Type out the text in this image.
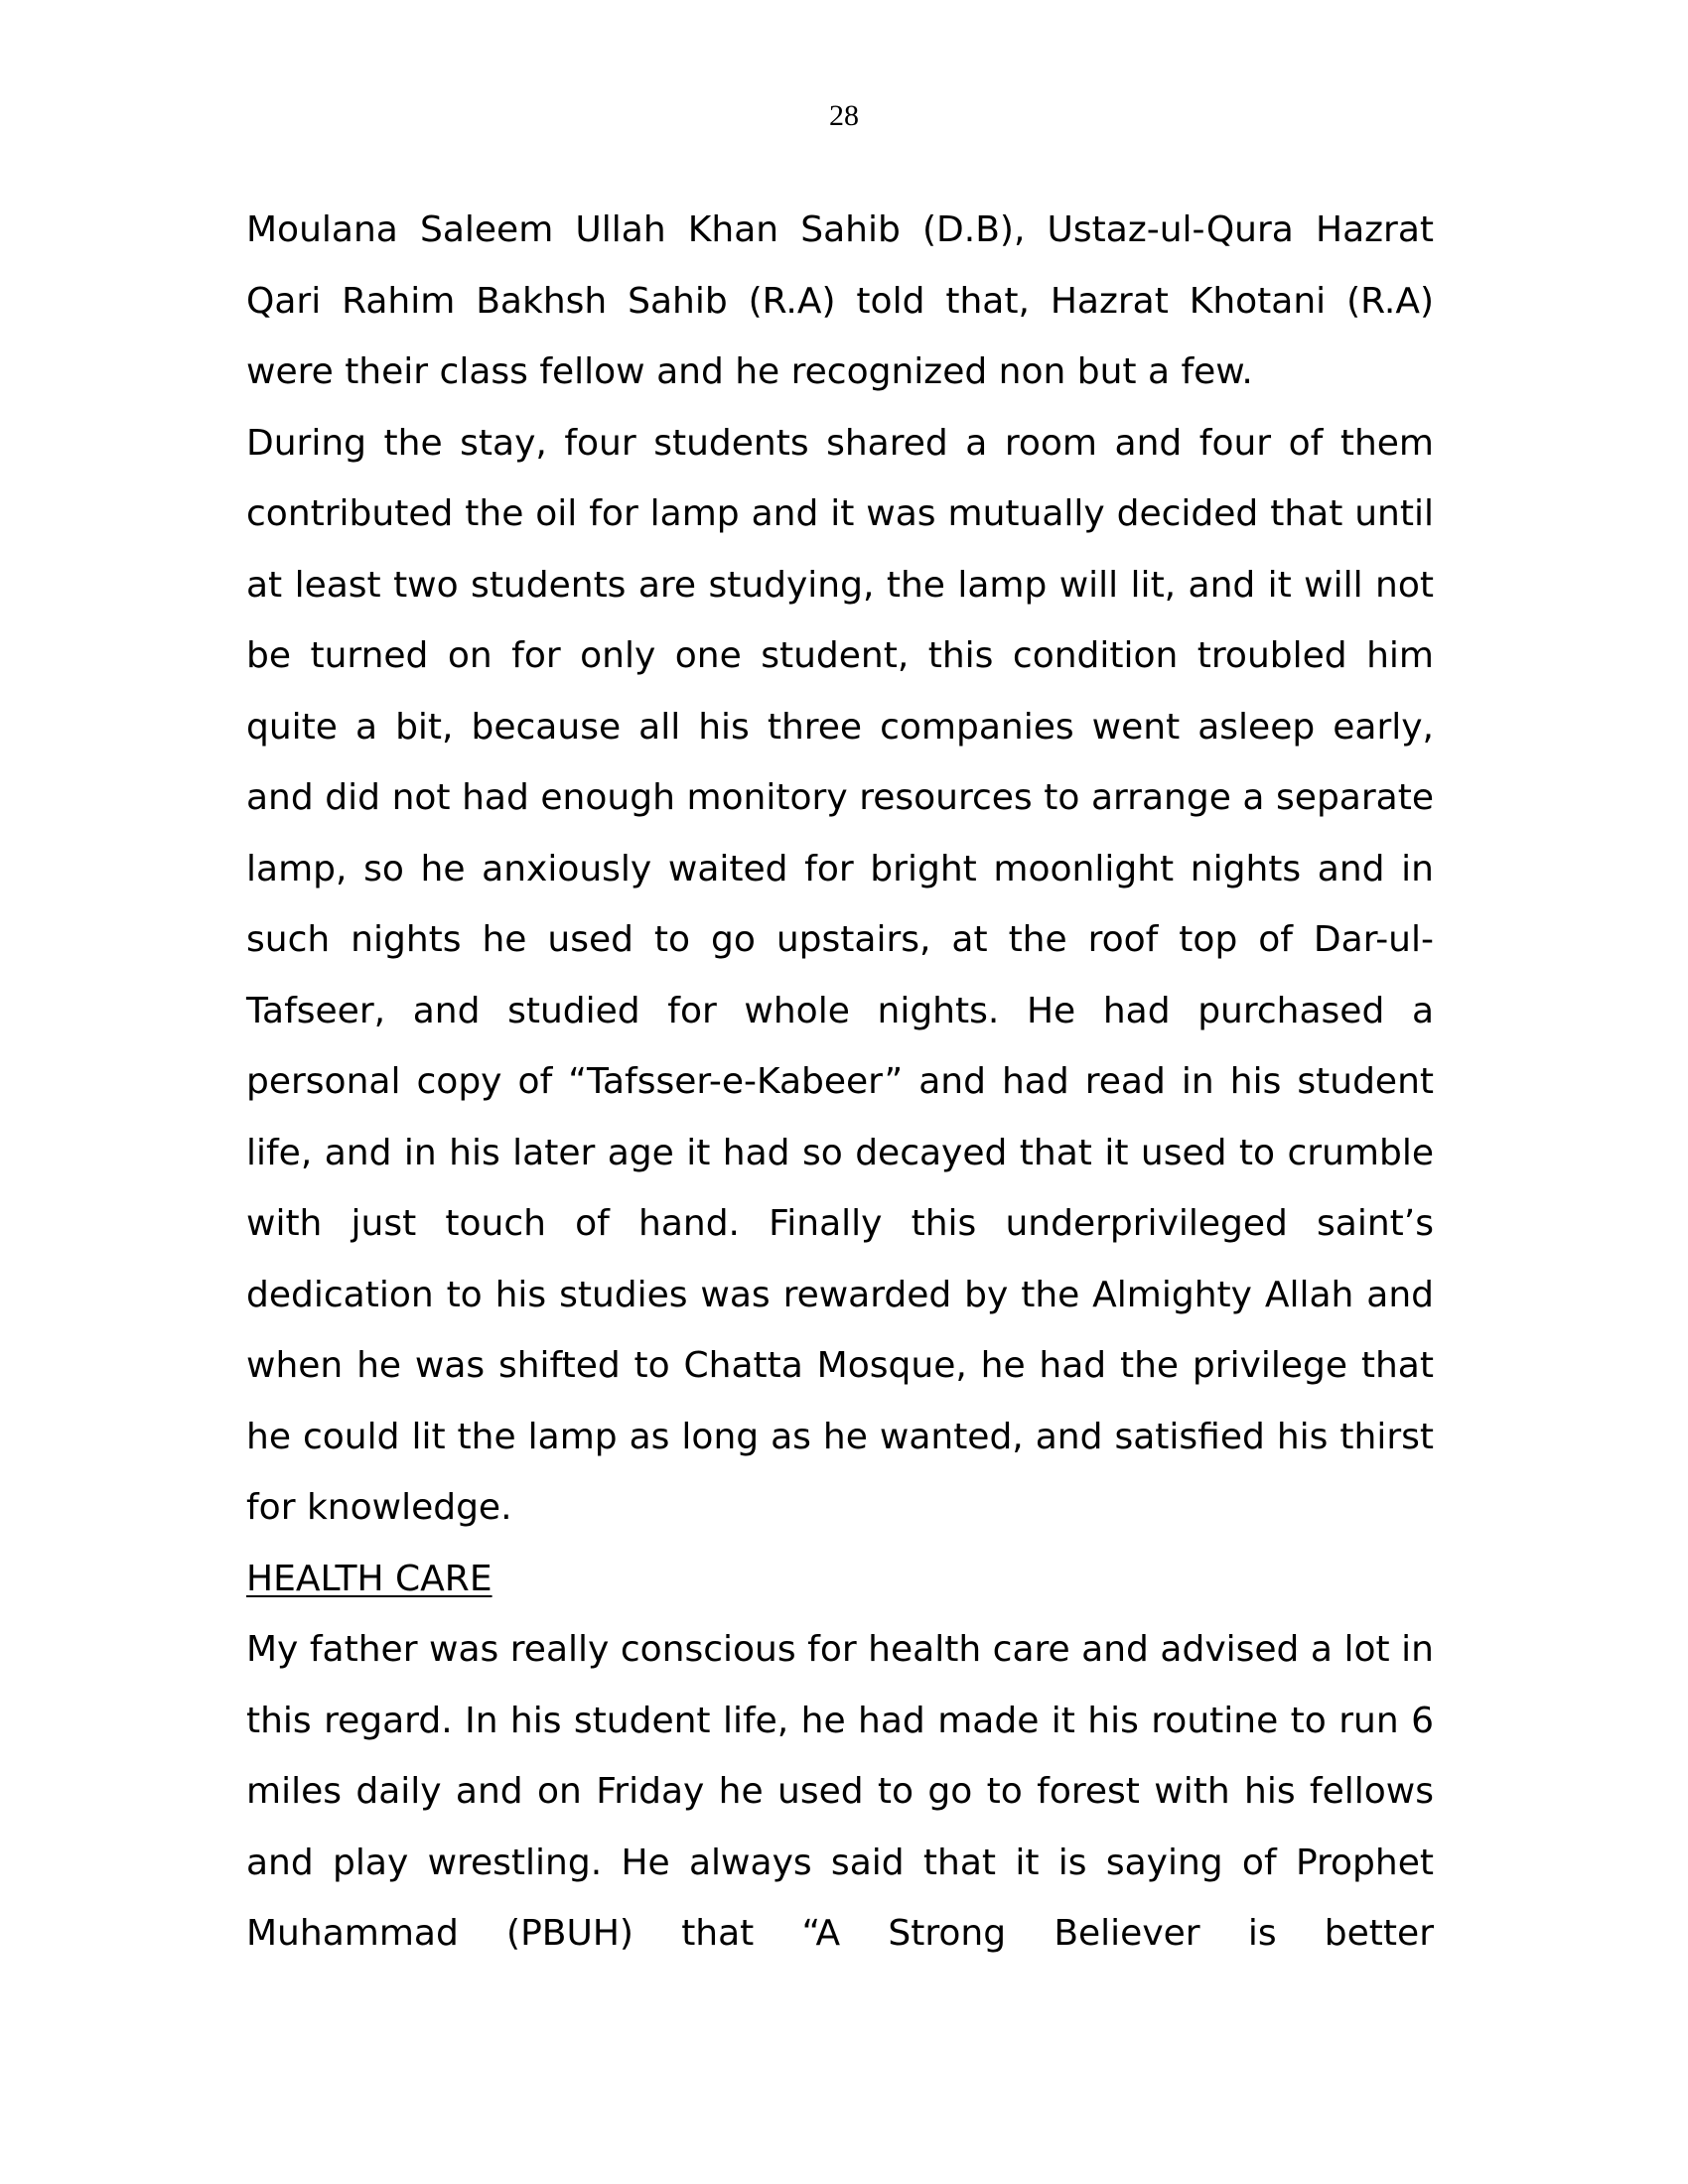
28

Moulana Saleem Ullah Khan Sahib (D.B), Ustaz-ul-Qura Hazrat Qari Rahim Bakhsh Sahib (R.A) told that, Hazrat Khotani (R.A) were their class fellow and he recognized non but a few.

During the stay, four students shared a room and four of them contributed the oil for lamp and it was mutually decided that until at least two students are studying, the lamp will lit, and it will not be turned on for only one student, this condition troubled him quite a bit, because all his three companies went asleep early, and did not had enough monitory resources to arrange a separate lamp, so he anxiously waited for bright moonlight nights and in such nights he used to go upstairs, at the roof top of Dar-ul-Tafseer, and studied for whole nights. He had purchased a personal copy of “Tafsser-e-Kabeer” and had read in his student life, and in his later age it had so decayed that it used to crumble with just touch of hand. Finally this underprivileged saint’s dedication to his studies was rewarded by the Almighty Allah and when he was shifted to Chatta Mosque, he had the privilege that he could lit the lamp as long as he wanted, and satisfied his thirst for knowledge.

HEALTH CARE

My father was really conscious for health care and advised a lot in this regard. In his student life, he had made it his routine to run 6 miles daily and on Friday he used to go to forest with his fellows and play wrestling. He always said that it is saying of Prophet Muhammad (PBUH) that “A Strong Believer is better
